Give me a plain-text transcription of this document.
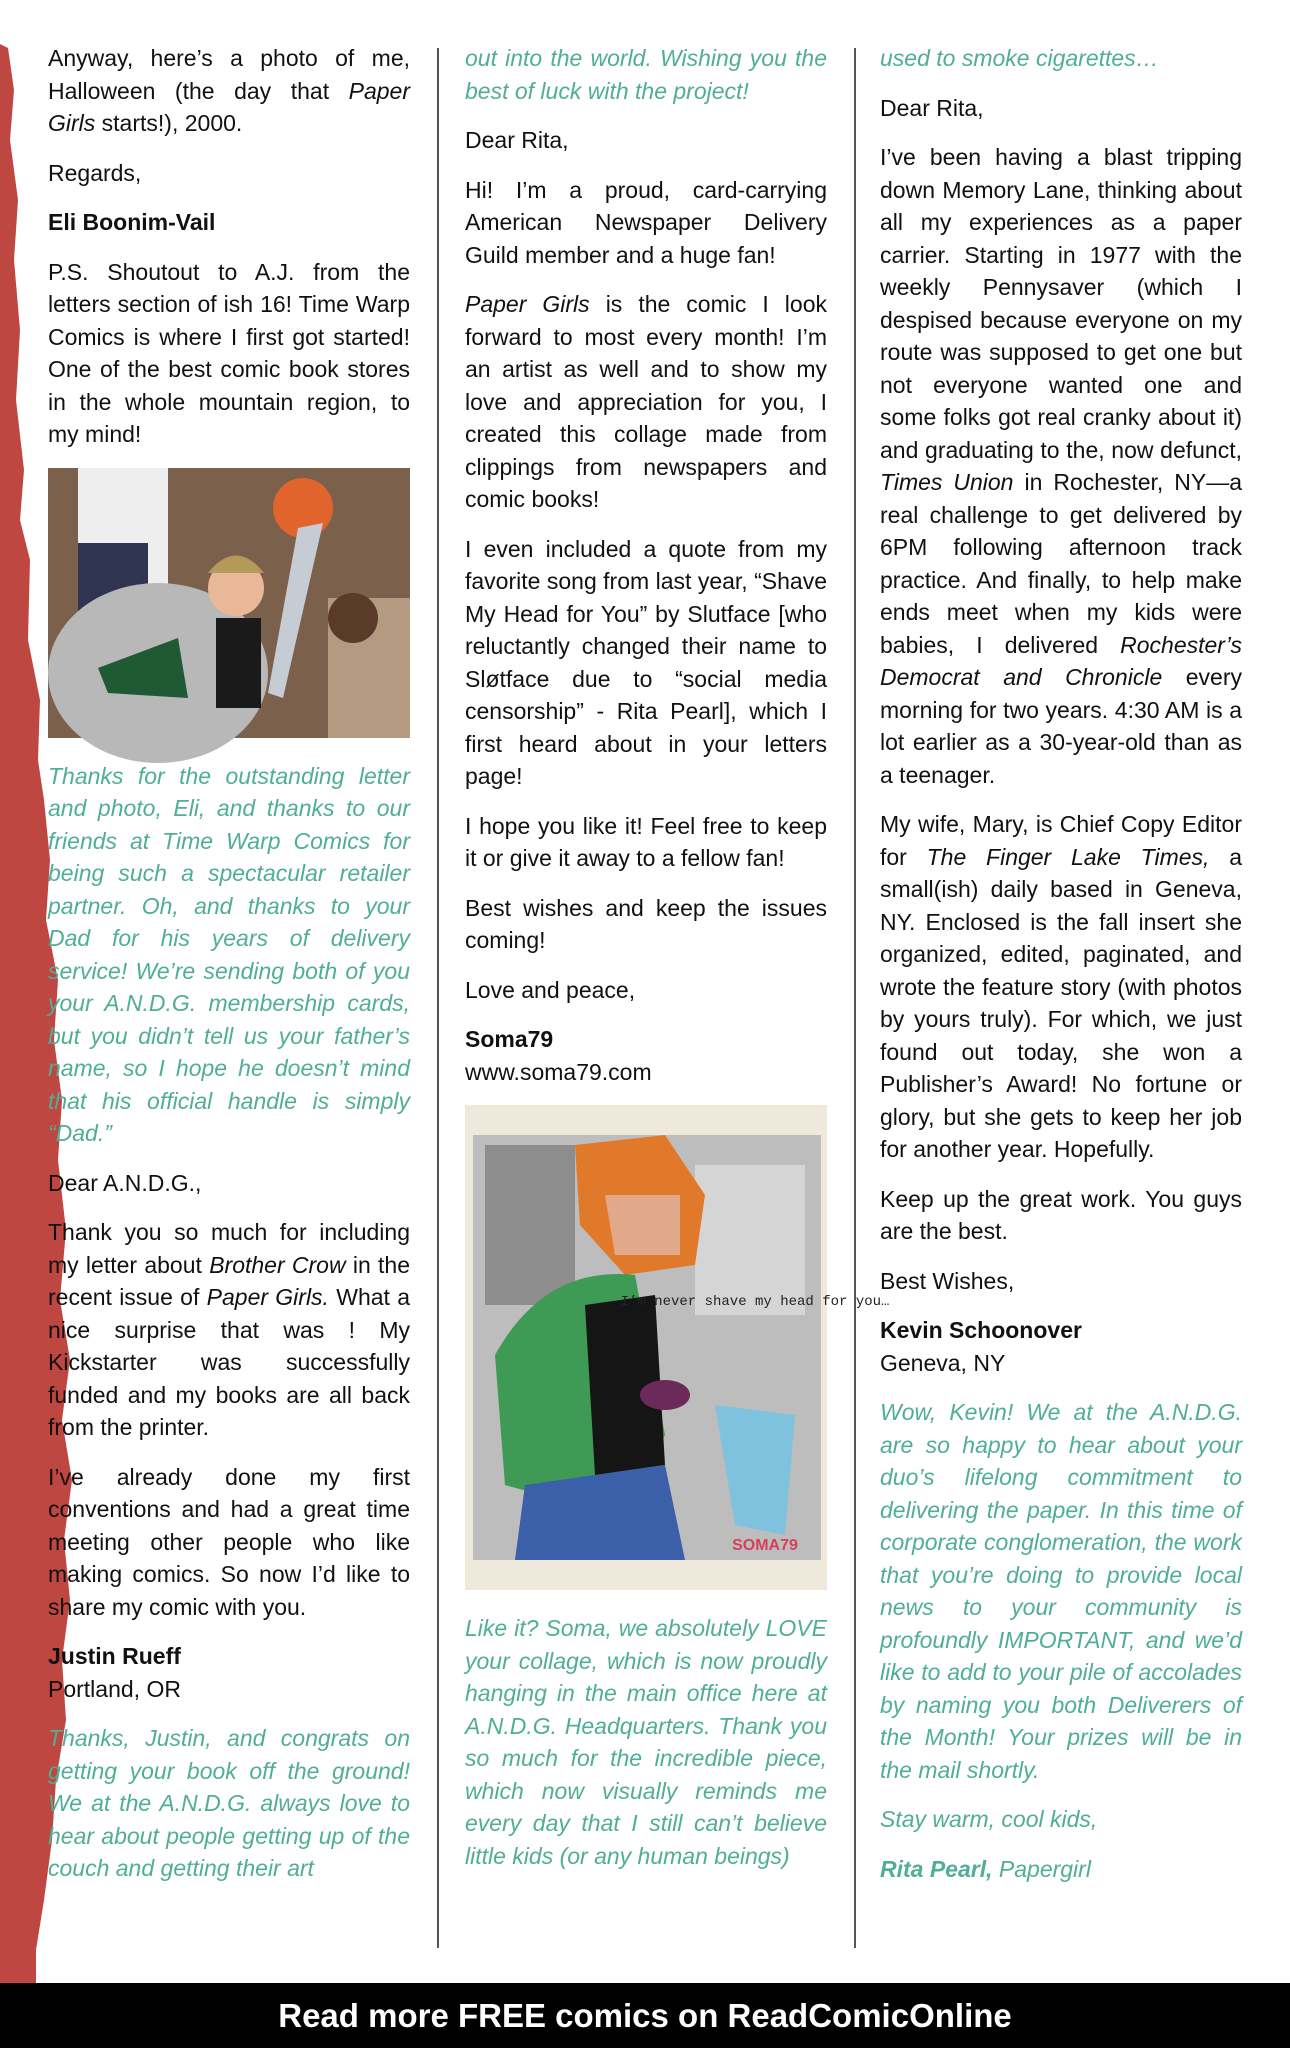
Anyway, here’s a photo of me, Halloween (the day that Paper Girls starts!), 2000.

Regards,

Eli Boonim-Vail

P.S. Shoutout to A.J. from the letters section of ish 16! Time Warp Comics is where I first got started! One of the best comic book stores in the whole mountain region, to my mind!

Thanks for the outstanding letter and photo, Eli, and thanks to our friends at Time Warp Comics for being such a spectacular retailer partner. Oh, and thanks to your Dad for his years of delivery service! We’re sending both of you your A.N.D.G. membership cards, but you didn’t tell us your father’s name, so I hope he doesn’t mind that his official handle is simply “Dad.”

Dear A.N.D.G.,

Thank you so much for including my letter about Brother Crow in the recent issue of Paper Girls. What a nice surprise that was ! My Kickstarter was successfully funded and my books are all back from the printer.

I’ve already done my first conventions and had a great time meeting other people who like making comics. So now I’d like to share my comic with you.

Justin Rueff
Portland, OR

Thanks, Justin, and congrats on getting your book off the ground! We at the A.N.D.G. always love to hear about people getting up of the couch and getting their art

out into the world. Wishing you the best of luck with the project!

Dear Rita,

Hi! I’m a proud, card-carrying American Newspaper Delivery Guild member and a huge fan!

Paper Girls is the comic I look forward to most every month! I’m an artist as well and to show my love and appreciation for you, I created this collage made from clippings from newspapers and comic books!

I even included a quote from my favorite song from last year, “Shave My Head for You” by Slutface [who reluctantly changed their name to Sløtface due to “social media censorship” - Rita Pearl], which I first heard about in your letters page!

I hope you like it! Feel free to keep it or give it away to a fellow fan!

Best wishes and keep the issues coming!

Love and peace,

Soma79
www.soma79.com

I’m never shave my head for you…
SOMA79

Like it? Soma, we absolutely LOVE your collage, which is now proudly hanging in the main office here at A.N.D.G. Headquarters. Thank you so much for the incredible piece, which now visually reminds me every day that I still can’t believe little kids (or any human beings)

used to smoke cigarettes…

Dear Rita,

I’ve been having a blast tripping down Memory Lane, thinking about all my experiences as a paper carrier. Starting in 1977 with the weekly Pennysaver (which I despised because everyone on my route was supposed to get one but not everyone wanted one and some folks got real cranky about it) and graduating to the, now defunct, Times Union in Rochester, NY—a real challenge to get delivered by 6PM following afternoon track practice. And finally, to help make ends meet when my kids were babies, I delivered Rochester’s Democrat and Chronicle every morning for two years. 4:30 AM is a lot earlier as a 30-year-old than as a teenager.

My wife, Mary, is Chief Copy Editor for The Finger Lake Times, a small(ish) daily based in Geneva, NY. Enclosed is the fall insert she organized, edited, paginated, and wrote the feature story (with photos by yours truly). For which, we just found out today, she won a Publisher’s Award! No fortune or glory, but she gets to keep her job for another year. Hopefully.

Keep up the great work. You guys are the best.

Best Wishes,

Kevin Schoonover
Geneva, NY

Wow, Kevin! We at the A.N.D.G. are so happy to hear about your duo’s lifelong commitment to delivering the paper. In this time of corporate conglomeration, the work that you’re doing to provide local news to your community is profoundly IMPORTANT, and we’d like to add to your pile of accolades by naming you both Deliverers of the Month! Your prizes will be in the mail shortly.

Stay warm, cool kids,

Rita Pearl, Papergirl

Read more FREE comics on ReadComicOnline
